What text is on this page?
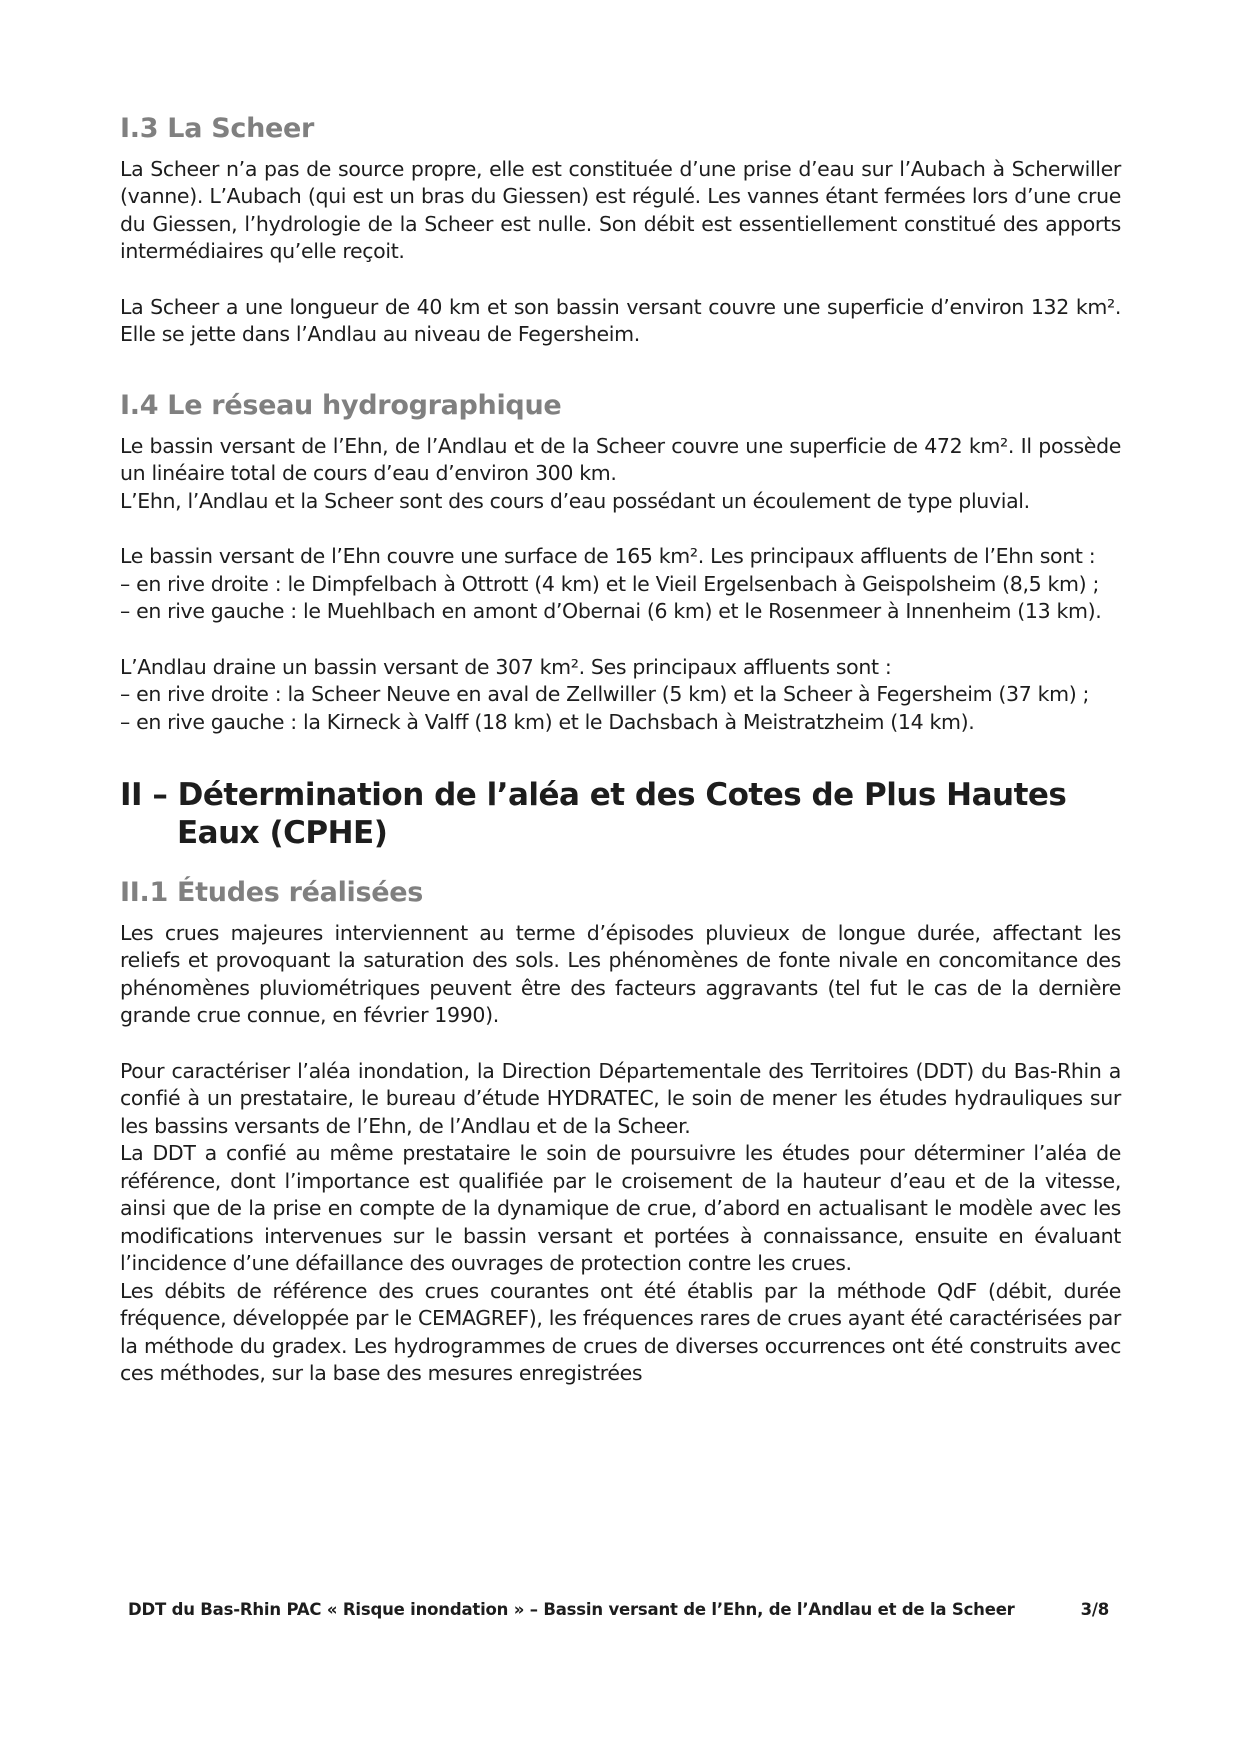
I.3 La Scheer

La Scheer n’a pas de source propre, elle est constituée d’une prise d’eau sur l’Aubach à Scherwiller (vanne). L’Aubach (qui est un bras du Giessen) est régulé. Les vannes étant fermées lors d’une crue du Giessen, l’hydrologie de la Scheer est nulle. Son débit est essentiellement constitué des apports intermédiaires qu’elle reçoit.

La Scheer a une longueur de 40 km et son bassin versant couvre une superficie d’environ 132 km². Elle se jette dans l’Andlau au niveau de Fegersheim.

I.4 Le réseau hydrographique

Le bassin versant de l’Ehn, de l’Andlau et de la Scheer couvre une superficie de 472 km². Il possède un linéaire total de cours d’eau d’environ 300 km.

L’Ehn, l’Andlau et la Scheer sont des cours d’eau possédant un écoulement de type pluvial.

Le bassin versant de l’Ehn couvre une surface de 165 km². Les principaux affluents de l’Ehn sont :

– en rive droite : le Dimpfelbach à Ottrott (4 km) et le Vieil Ergelsenbach à Geispolsheim (8,5 km) ;

– en rive gauche : le Muehlbach en amont d’Obernai (6 km) et le Rosenmeer à Innenheim (13 km).

L’Andlau draine un bassin versant de 307 km². Ses principaux affluents sont :

– en rive droite : la Scheer Neuve en aval de Zellwiller (5 km) et la Scheer à Fegersheim (37 km) ;

– en rive gauche : la Kirneck à Valff (18 km) et le Dachsbach à Meistratzheim (14 km).

II – Détermination de l’aléa et des Cotes de Plus Hautes Eaux (CPHE)
II.1 Études réalisées

Les crues majeures interviennent au terme d’épisodes pluvieux de longue durée, affectant les reliefs et provoquant la saturation des sols. Les phénomènes de fonte nivale en concomitance des phénomènes pluviométriques peuvent être des facteurs aggravants (tel fut le cas de la dernière grande crue connue, en février 1990).

Pour caractériser l’aléa inondation, la Direction Départementale des Territoires (DDT) du Bas-Rhin a confié à un prestataire, le bureau d’étude HYDRATEC, le soin de mener les études hydrauliques sur les bassins versants de l’Ehn, de l’Andlau et de la Scheer.

La DDT a confié au même prestataire le soin de poursuivre les études pour déterminer l’aléa de référence, dont l’importance est qualifiée par le croisement de la hauteur d’eau et de la vitesse, ainsi que de la prise en compte de la dynamique de crue, d’abord en actualisant le modèle avec les modifications intervenues sur le bassin versant et portées à connaissance, ensuite en évaluant l’incidence d’une défaillance des ouvrages de protection contre les crues.

Les débits de référence des crues courantes ont été établis par la méthode QdF (débit, durée fréquence, développée par le CEMAGREF), les fréquences rares de crues ayant été caractérisées par la méthode du gradex. Les hydrogrammes de crues de diverses occurrences ont été construits avec ces méthodes, sur la base des mesures enregistrées

DDT du Bas-Rhin PAC « Risque inondation » – Bassin versant de l’Ehn, de l’Andlau et de la Scheer	3/8
